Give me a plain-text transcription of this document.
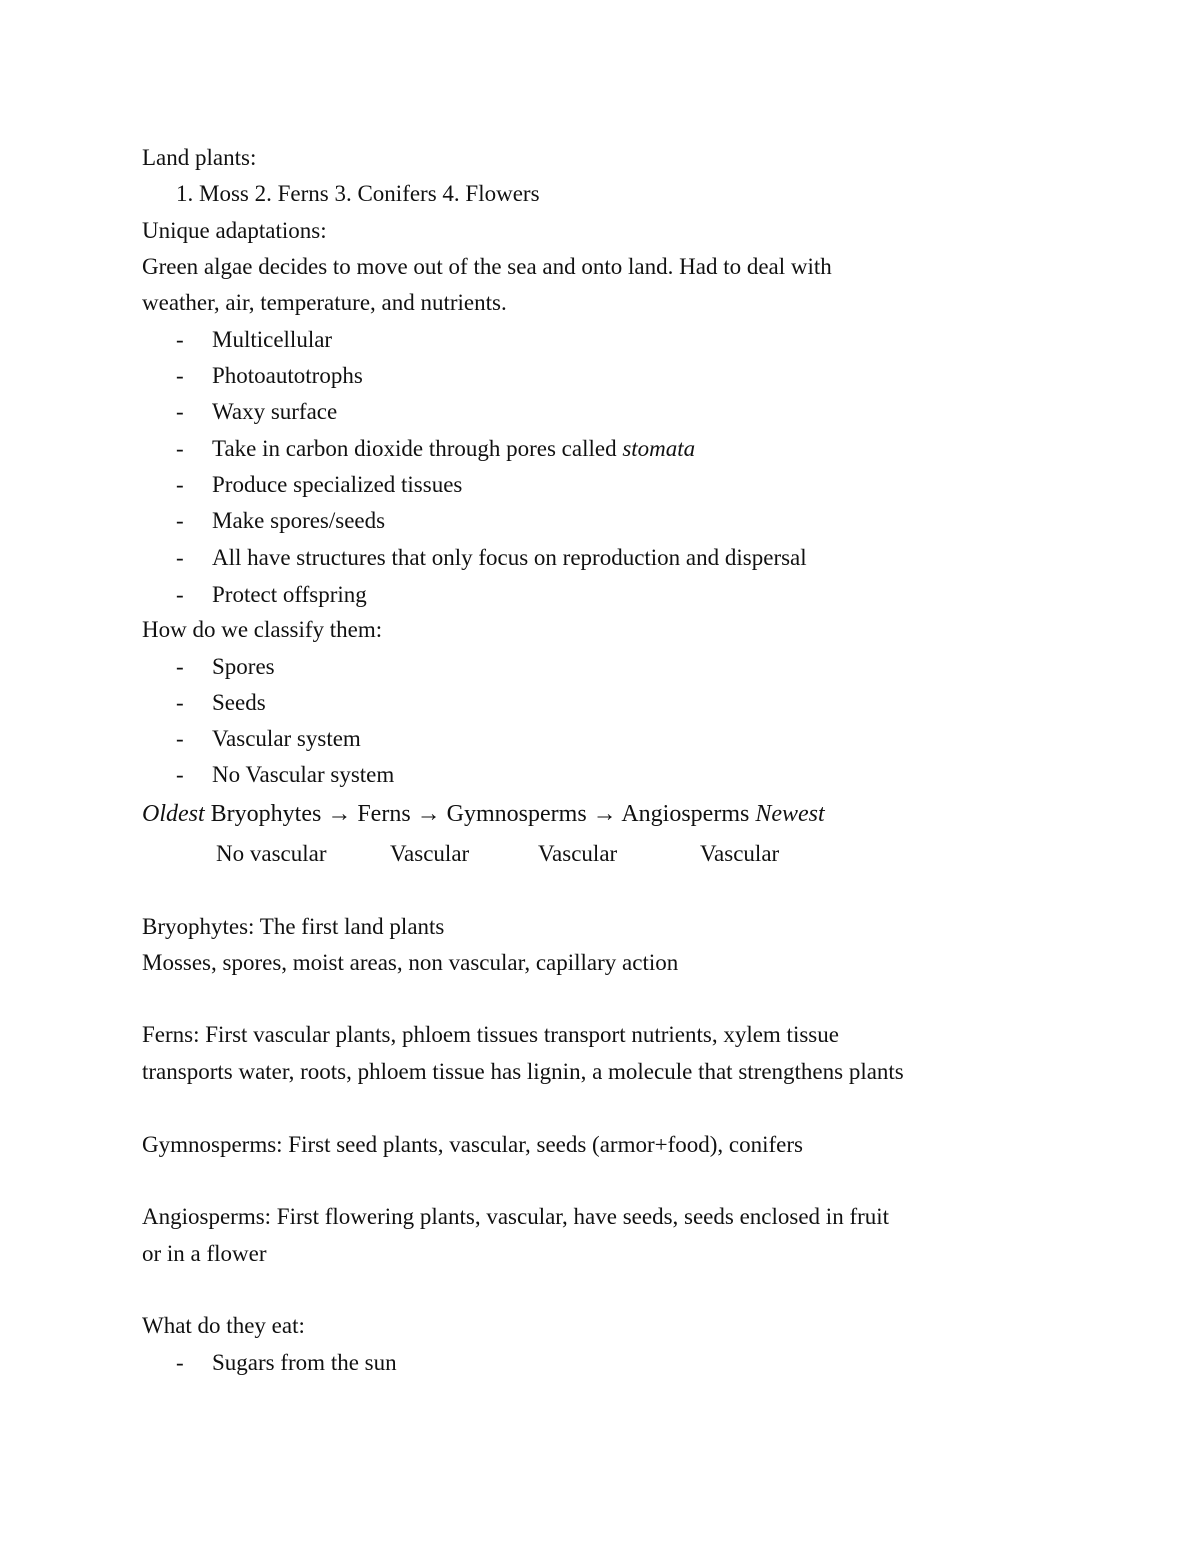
Land plants:
1. Moss 2. Ferns 3. Conifers 4. Flowers
Unique adaptations:
Green algae decides to move out of the sea and onto land. Had to deal with
weather, air, temperature, and nutrients.
- Multicellular
- Photoautotrophs
- Waxy surface
- Take in carbon dioxide through pores called stomata
- Produce specialized tissues
- Make spores/seeds
- All have structures that only focus on reproduction and dispersal
- Protect offspring
How do we classify them:
- Spores
- Seeds
- Vascular system
- No Vascular system
Oldest Bryophytes → Ferns → Gymnosperms → Angiosperms Newest
No vascular	Vascular	Vascular	Vascular
Bryophytes: The first land plants
Mosses, spores, moist areas, non vascular, capillary action
Ferns: First vascular plants, phloem tissues transport nutrients, xylem tissue
transports water, roots, phloem tissue has lignin, a molecule that strengthens plants
Gymnosperms: First seed plants, vascular, seeds (armor+food), conifers
Angiosperms: First flowering plants, vascular, have seeds, seeds enclosed in fruit
or in a flower
What do they eat:
- Sugars from the sun
